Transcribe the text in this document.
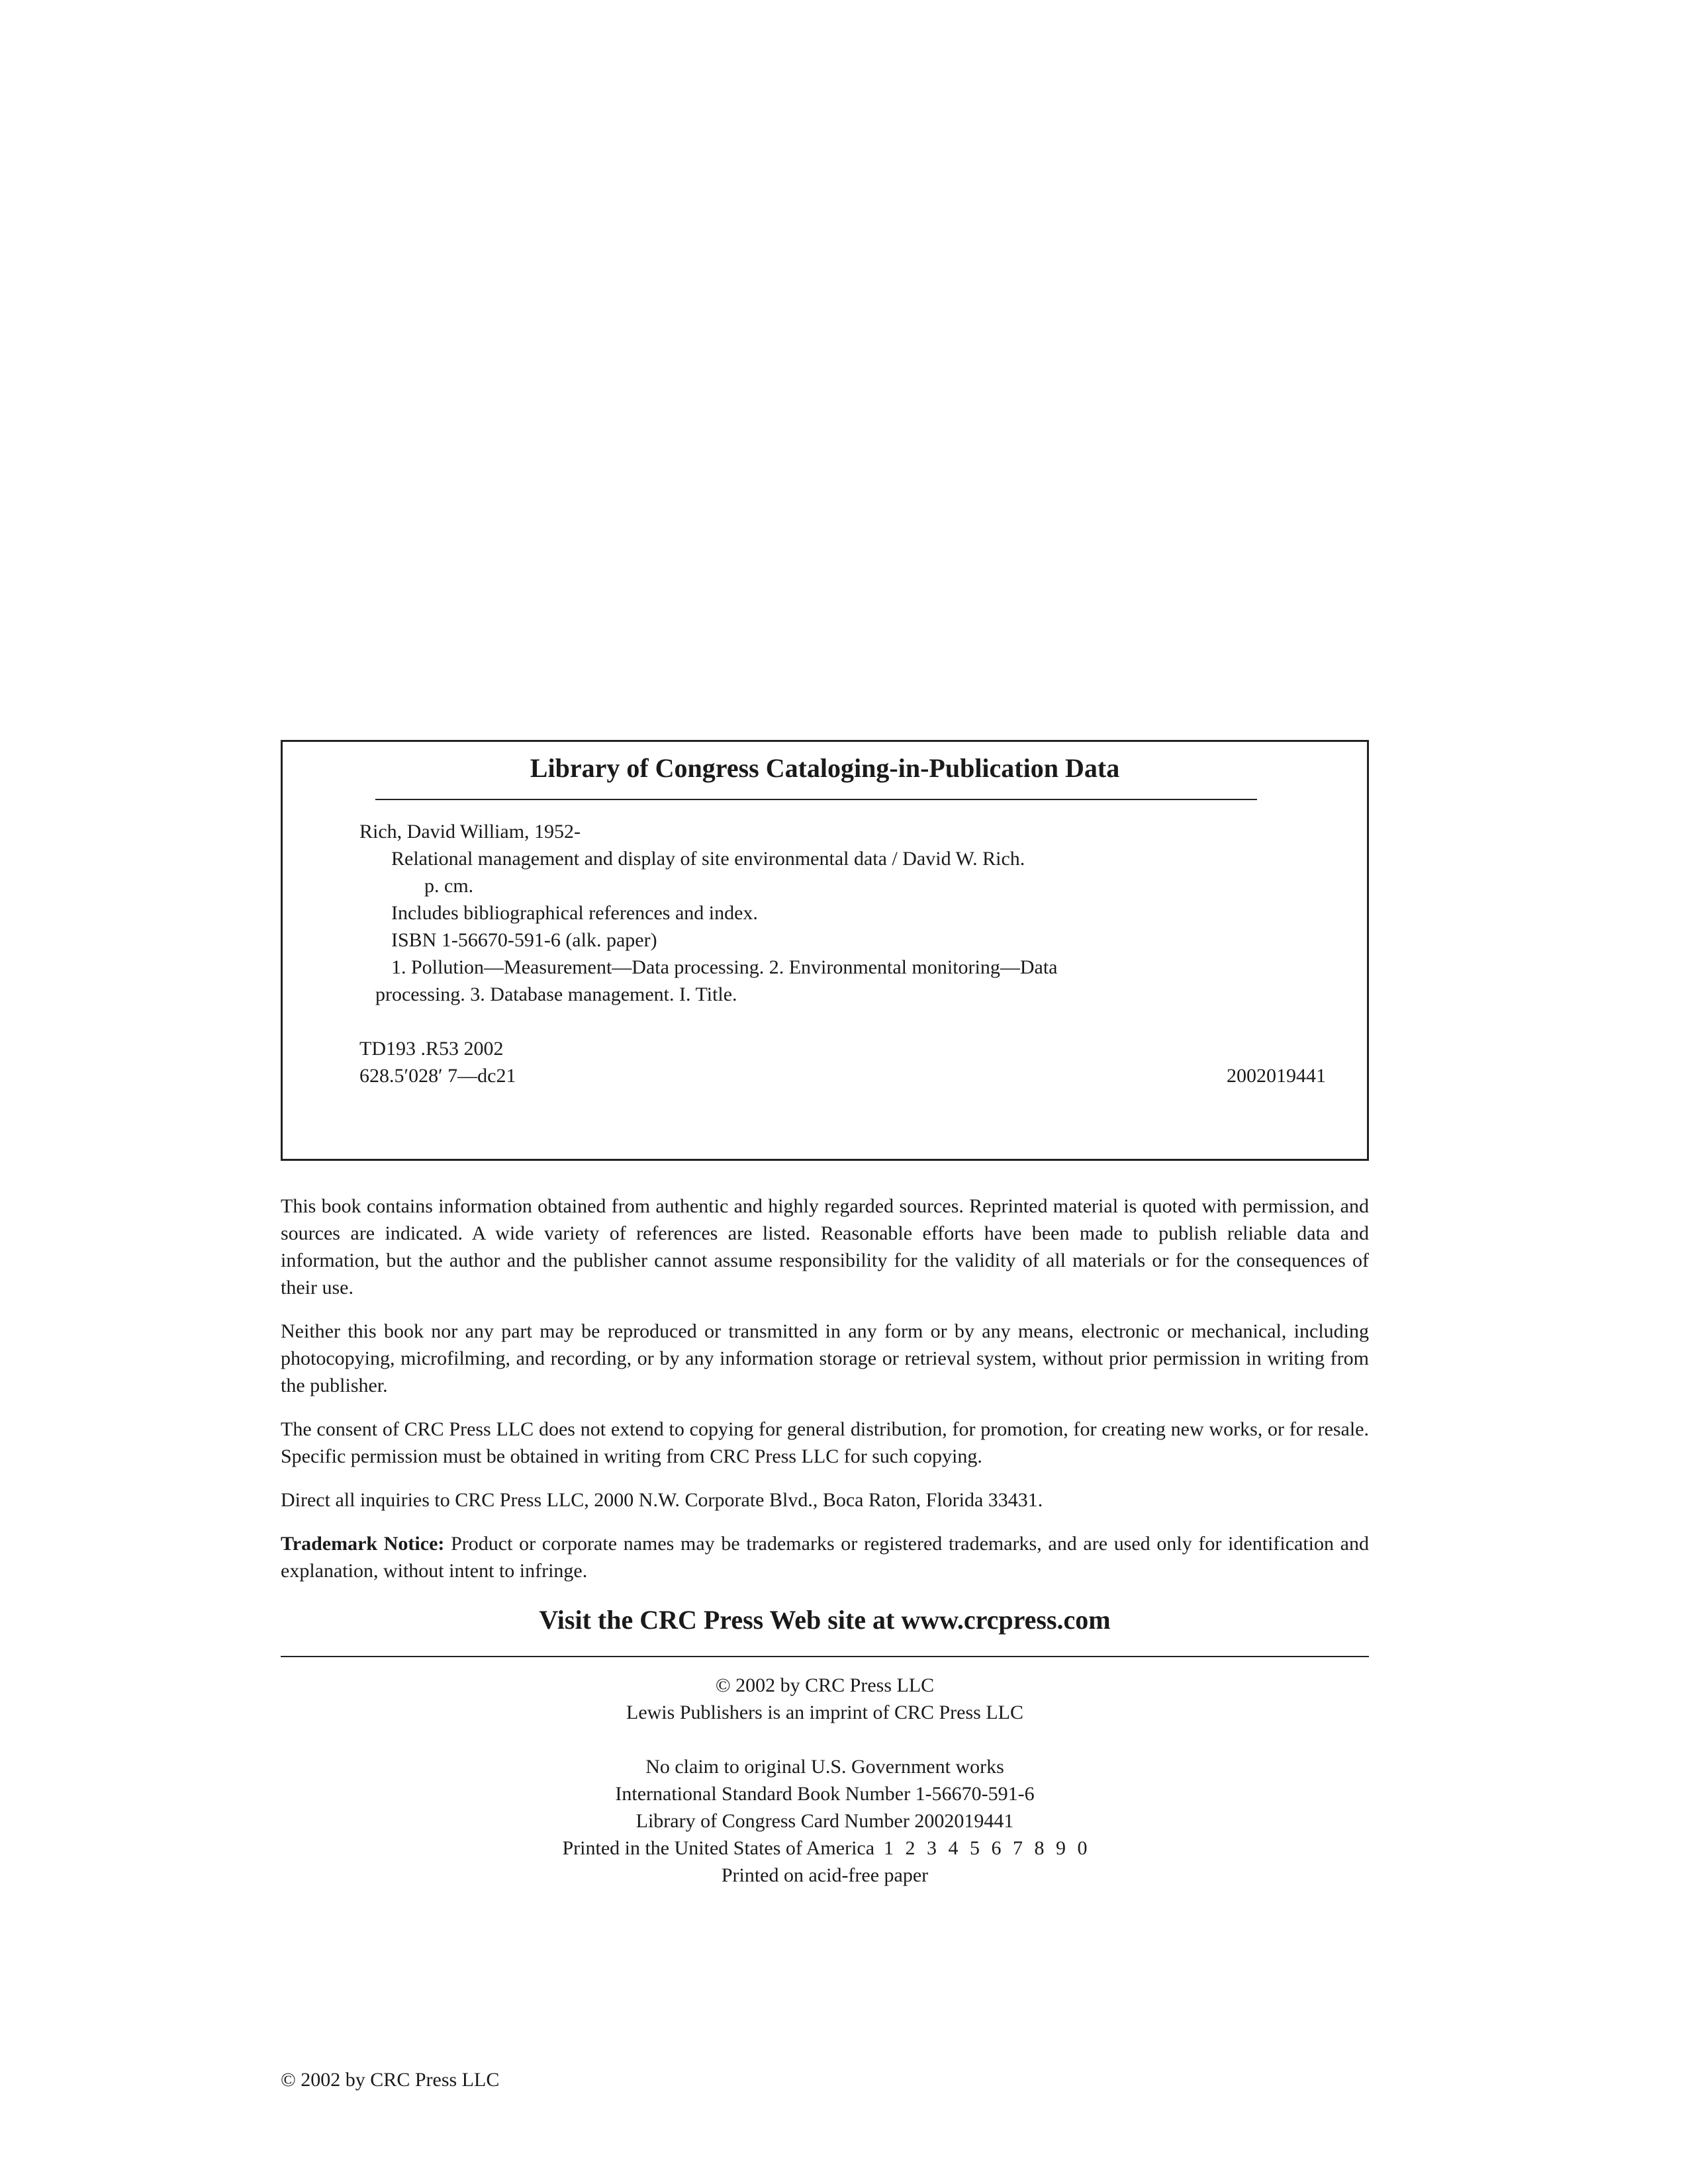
Library of Congress Cataloging-in-Publication Data
Rich, David William, 1952-
Relational management and display of site environmental data / David W. Rich.
p. cm.
Includes bibliographical references and index.
ISBN 1-56670-591-6 (alk. paper)
1. Pollution—Measurement—Data processing. 2. Environmental monitoring—Data
processing. 3. Database management. I. Title.
TD193 .R53 2002
628.5′028′ 7—dc21	2002019441

This book contains information obtained from authentic and highly regarded sources. Reprinted material is quoted with permission, and sources are indicated. A wide variety of references are listed. Reasonable efforts have been made to publish reliable data and information, but the author and the publisher cannot assume responsibility for the validity of all materials or for the consequences of their use.

Neither this book nor any part may be reproduced or transmitted in any form or by any means, electronic or mechanical, including photocopying, microfilming, and recording, or by any information storage or retrieval system, without prior permission in writing from the publisher.

The consent of CRC Press LLC does not extend to copying for general distribution, for promotion, for creating new works, or for resale. Specific permission must be obtained in writing from CRC Press LLC for such copying.

Direct all inquiries to CRC Press LLC, 2000 N.W. Corporate Blvd., Boca Raton, Florida 33431.

Trademark Notice: Product or corporate names may be trademarks or registered trademarks, and are used only for identification and explanation, without intent to infringe.

Visit the CRC Press Web site at www.crcpress.com
© 2002 by CRC Press LLC
Lewis Publishers is an imprint of CRC Press LLC
No claim to original U.S. Government works
International Standard Book Number 1-56670-591-6
Library of Congress Card Number 2002019441
Printed in the United States of America 1 2 3 4 5 6 7 8 9 0
Printed on acid-free paper
© 2002 by CRC Press LLC
